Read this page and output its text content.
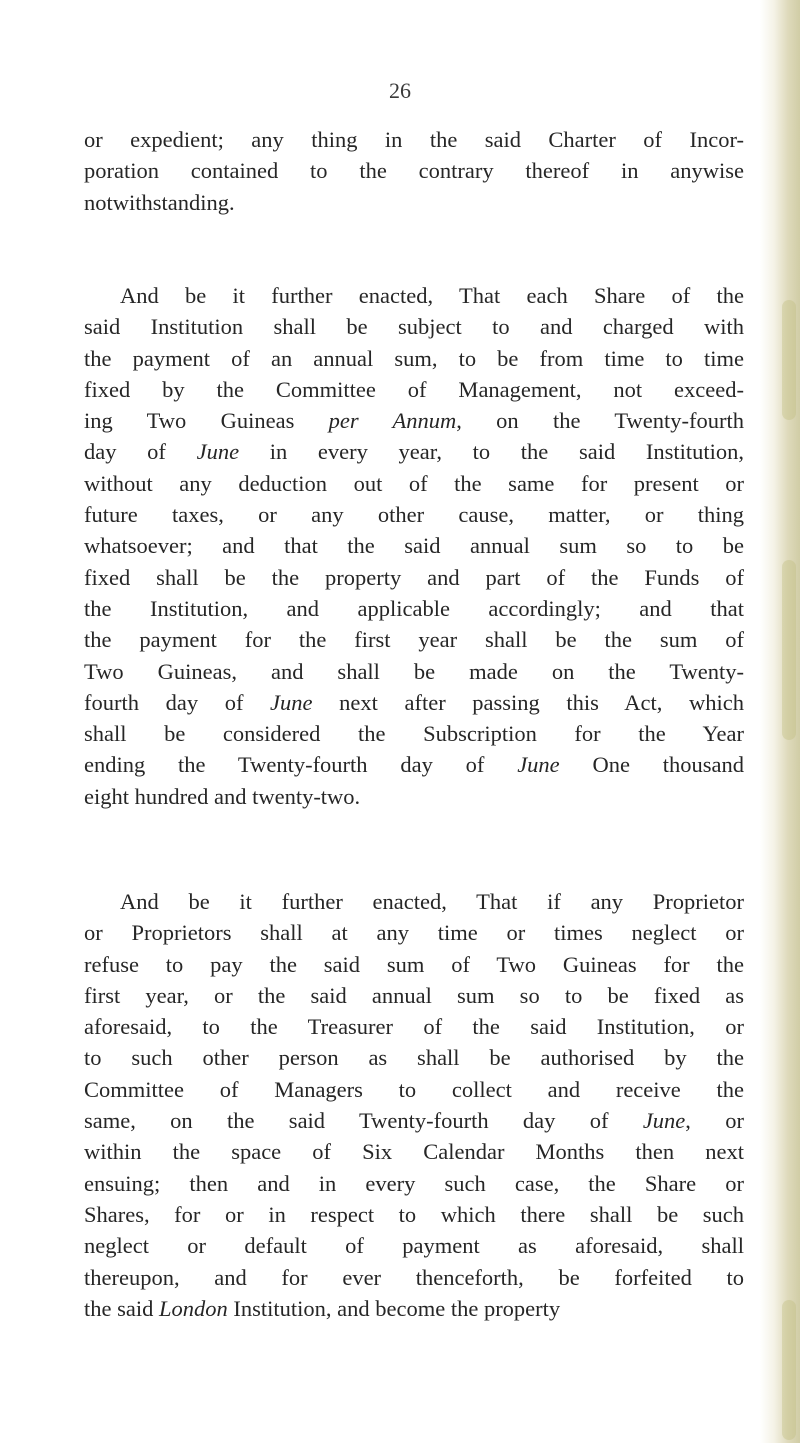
26
or expedient; any thing in the said Charter of Incor-
poration contained to the contrary thereof in anywise
notwithstanding.
And be it further enacted, That each Share of the
said Institution shall be subject to and charged with
the payment of an annual sum, to be from time to time
fixed by the Committee of Management, not exceed-
ing Two Guineas per Annum, on the Twenty-fourth
day of June in every year, to the said Institution,
without any deduction out of the same for present or
future taxes, or any other cause, matter, or thing
whatsoever; and that the said annual sum so to be
fixed shall be the property and part of the Funds of
the Institution, and applicable accordingly; and that
the payment for the first year shall be the sum of
Two Guineas, and shall be made on the Twenty-
fourth day of June next after passing this Act, which
shall be considered the Subscription for the Year
ending the Twenty-fourth day of June One thousand
eight hundred and twenty-two.
And be it further enacted, That if any Proprietor
or Proprietors shall at any time or times neglect or
refuse to pay the said sum of Two Guineas for the
first year, or the said annual sum so to be fixed as
aforesaid, to the Treasurer of the said Institution, or
to such other person as shall be authorised by the
Committee of Managers to collect and receive the
same, on the said Twenty-fourth day of June, or
within the space of Six Calendar Months then next
ensuing; then and in every such case, the Share or
Shares, for or in respect to which there shall be such
neglect or default of payment as aforesaid, shall
thereupon, and for ever thenceforth, be forfeited to
the said London Institution, and become the property
